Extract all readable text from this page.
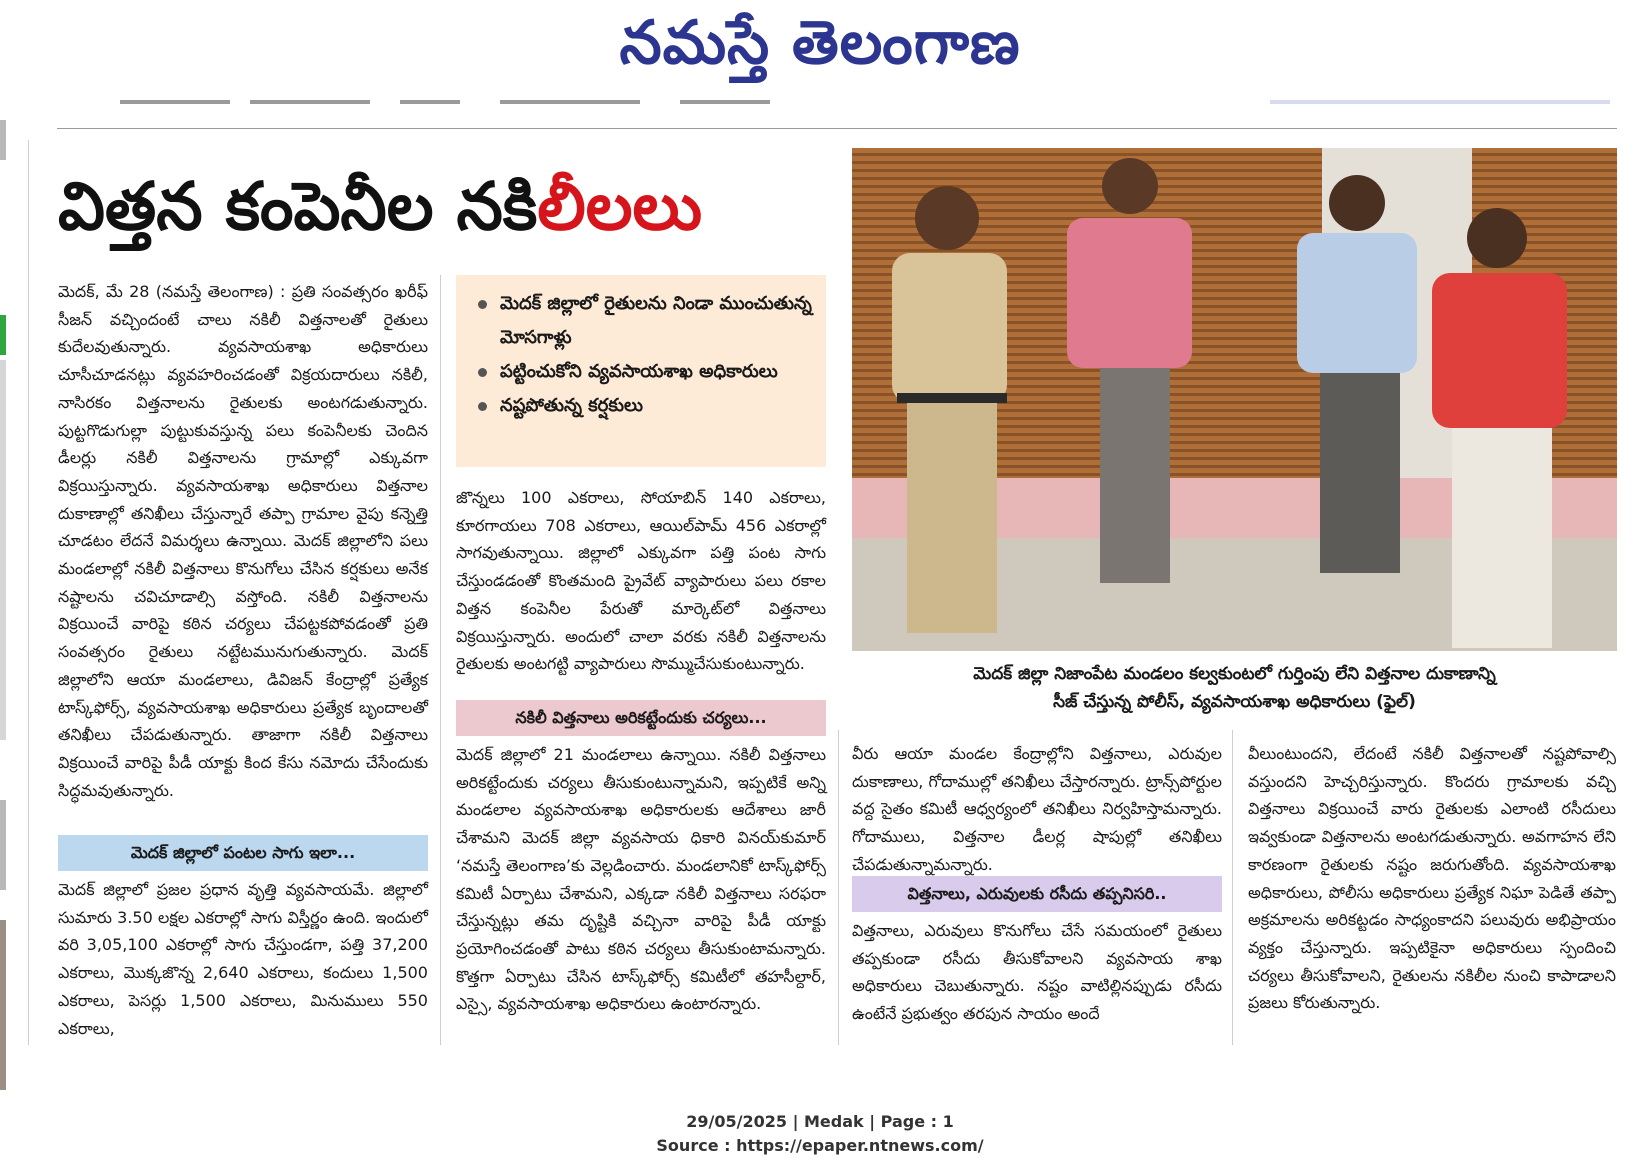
నమస్తే తెలంగాణ
విత్తన కంపెనీల నకిలీలలు

మెదక్, మే 28 (నమస్తే తెలంగాణ) : ప్రతి సంవత్సరం ఖరీఫ్ సీజన్ వచ్చిందంటే చాలు నకిలీ విత్తనాలతో రైతులు కుదేలవుతున్నారు. వ్యవసాయశాఖ అధికారులు చూసీచూడనట్లు వ్యవహరించడంతో విక్రయదారులు నకిలీ, నాసిరకం విత్తనాలను రైతులకు అంటగడుతున్నారు. పుట్టగొడుగుల్లా పుట్టుకువస్తున్న పలు కంపెనీలకు చెందిన డీలర్లు నకిలీ విత్తనాలను గ్రామాల్లో ఎక్కువగా విక్రయిస్తున్నారు. వ్యవసాయశాఖ అధికారులు విత్తనాల దుకాణాల్లో తనిఖీలు చేస్తున్నారే తప్పా గ్రామాల వైపు కన్నెత్తి చూడటం లేదనే విమర్శలు ఉన్నాయి. మెదక్ జిల్లాలోని పలు మండలాల్లో నకిలీ విత్తనాలు కొనుగోలు చేసిన కర్షకులు అనేక నష్టాలను చవిచూడాల్సి వస్తోంది. నకిలీ విత్తనాలను విక్రయించే వారిపై కఠిన చర్యలు చేపట్టకపోవడంతో ప్రతి సంవత్సరం రైతులు నట్టేటమునుగుతున్నారు. మెదక్ జిల్లాలోని ఆయా మండలాలు, డివిజన్ కేంద్రాల్లో ప్రత్యేక టాస్క్‌ఫోర్స్, వ్యవసాయశాఖ అధికారులు ప్రత్యేక బృందాలతో తనిఖీలు చేపడుతున్నారు. తాజాగా నకిలీ విత్తనాలు విక్రయించే వారిపై పీడీ యాక్టు కింద కేసు నమోదు చేసేందుకు సిద్ధమవుతున్నారు.

మెదక్ జిల్లాలో పంటల సాగు ఇలా...

మెదక్ జిల్లాలో ప్రజల ప్రధాన వృత్తి వ్యవసాయమే. జిల్లాలో సుమారు 3.50 లక్షల ఎకరాల్లో సాగు విస్తీర్ణం ఉంది. ఇందులో వరి 3,05,100 ఎకరాల్లో సాగు చేస్తుండగా, పత్తి 37,200 ఎకరాలు, మొక్కజొన్న 2,640 ఎకరాలు, కందులు 1,500 ఎకరాలు, పెసర్లు 1,500 ఎకరాలు, మినుములు 550 ఎకరాలు,

మెదక్ జిల్లాలో రైతులను నిండా ముంచుతున్న మోసగాళ్లు
పట్టించుకోని వ్యవసాయశాఖ అధికారులు
నష్టపోతున్న కర్షకులు

జొన్నలు 100 ఎకరాలు, సోయాబిన్ 140 ఎకరాలు, కూరగాయలు 708 ఎకరాలు, ఆయిల్‌పామ్ 456 ఎకరాల్లో సాగవుతున్నాయి. జిల్లాలో ఎక్కువగా పత్తి పంట సాగు చేస్తుండడంతో కొంతమంది ప్రైవేట్ వ్యాపారులు పలు రకాల విత్తన కంపెనీల పేరుతో మార్కెట్‌లో విత్తనాలు విక్రయిస్తున్నారు. అందులో చాలా వరకు నకిలీ విత్తనాలను రైతులకు అంటగట్టి వ్యాపారులు సొమ్ముచేసుకుంటున్నారు.

నకిలీ విత్తనాలు అరికట్టేందుకు చర్యలు...

మెదక్ జిల్లాలో 21 మండలాలు ఉన్నాయి. నకిలీ విత్తనాలు అరికట్టేందుకు చర్యలు తీసుకుంటున్నామని, ఇప్పటికే అన్ని మండలాల వ్యవసాయశాఖ అధికారులకు ఆదేశాలు జారీ చేశామని మెదక్ జిల్లా వ్యవసాయ ధికారి వినయ్‌కుమార్ ‘నమస్తే తెలంగాణ’కు వెల్లడించారు. మండలానికో టాస్క్‌ఫోర్స్ కమిటీ ఏర్పాటు చేశామని, ఎక్కడా నకిలీ విత్తనాలు సరఫరా చేస్తున్నట్లు తమ దృష్టికి వచ్చినా వారిపై పీడీ యాక్టు ప్రయోగించడంతో పాటు కఠిన చర్యలు తీసుకుంటామన్నారు. కొత్తగా ఏర్పాటు చేసిన టాస్క్‌ఫోర్స్ కమిటీలో తహసీల్దార్, ఎస్సై, వ్యవసాయశాఖ అధికారులు ఉంటారన్నారు.

మెదక్ జిల్లా నిజాంపేట మండలం కల్వకుంటలో గుర్తింపు లేని విత్తనాల దుకాణాన్ని
సీజ్ చేస్తున్న పోలీస్, వ్యవసాయశాఖ అధికారులు (ఫైల్)

వీరు ఆయా మండల కేంద్రాల్లోని విత్తనాలు, ఎరువుల దుకాణాలు, గోదాముల్లో తనిఖీలు చేస్తారన్నారు. ట్రాన్స్‌పోర్టుల వద్ద సైతం కమిటీ ఆధ్వర్యంలో తనిఖీలు నిర్వహిస్తామన్నారు. గోదాములు, విత్తనాల డీలర్ల షాపుల్లో తనిఖీలు చేపడుతున్నామన్నారు.

విత్తనాలు, ఎరువులకు రసీదు తప్పనిసరి..

విత్తనాలు, ఎరువులు కొనుగోలు చేసే సమయంలో రైతులు తప్పకుండా రసీదు తీసుకోవాలని వ్యవసాయ శాఖ అధికారులు చెబుతున్నారు. నష్టం వాటిల్లినప్పుడు రసీదు ఉంటేనే ప్రభుత్వం తరపున సాయం అందే

వీలుంటుందని, లేదంటే నకిలీ విత్తనాలతో నష్టపోవాల్సి వస్తుందని హెచ్చరిస్తున్నారు. కొందరు గ్రామాలకు వచ్చి విత్తనాలు విక్రయించే వారు రైతులకు ఎలాంటి రసీదులు ఇవ్వకుండా విత్తనాలను అంటగడుతున్నారు. అవగాహన లేని కారణంగా రైతులకు నష్టం జరుగుతోంది. వ్యవసాయశాఖ అధికారులు, పోలీసు అధికారులు ప్రత్యేక నిఘా పెడితే తప్పా అక్రమాలను అరికట్టడం సాధ్యంకాదని పలువురు అభిప్రాయం వ్యక్తం చేస్తున్నారు. ఇప్పటికైనా అధికారులు స్పందించి చర్యలు తీసుకోవాలని, రైతులను నకిలీల నుంచి కాపాడాలని ప్రజలు కోరుతున్నారు.

29/05/2025 | Medak | Page : 1
Source : https://epaper.ntnews.com/
